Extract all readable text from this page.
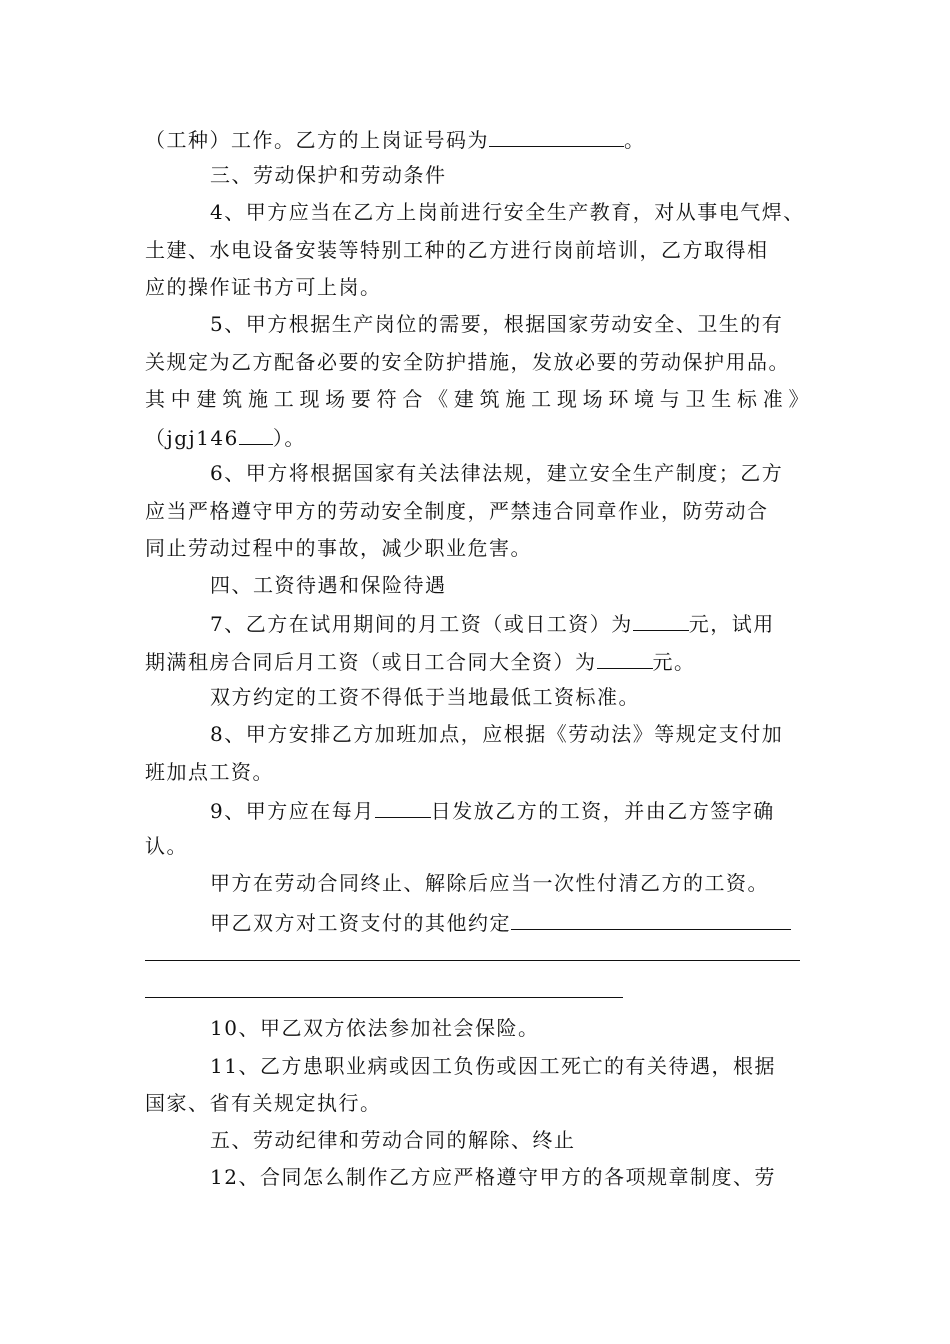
（工种）工作。乙方的上岗证号码为	。
三、劳动保护和劳动条件
4、甲方应当在乙方上岗前进行安全生产教育，对从事电气焊、
土建、水电设备安装等特别工种的乙方进行岗前培训，乙方取得相
应的操作证书方可上岗。
5、甲方根据生产岗位的需要，根据国家劳动安全、卫生的有
关规定为乙方配备必要的安全防护措施，发放必要的劳动保护用品。
其中建筑施工现场要符合《建筑施工现场环境与卫生标准》
（jgj146 ）。
6、甲方将根据国家有关法律法规，建立安全生产制度；乙方
应当严格遵守甲方的劳动安全制度，严禁违合同章作业，防劳动合
同止劳动过程中的事故，减少职业危害。
四、工资待遇和保险待遇
7、乙方在试用期间的月工资（或日工资）为	元，试用
期满租房合同后月工资（或日工合同大全资）为	元。
双方约定的工资不得低于当地最低工资标准。
8、甲方安排乙方加班加点，应根据《劳动法》等规定支付加
班加点工资。
9、甲方应在每月	日发放乙方的工资，并由乙方签字确
认。
甲方在劳动合同终止、解除后应当一次性付清乙方的工资。
甲乙双方对工资支付的其他约定
10、甲乙双方依法参加社会保险。
11、乙方患职业病或因工负伤或因工死亡的有关待遇，根据
国家、省有关规定执行。
五、劳动纪律和劳动合同的解除、终止
12、合同怎么制作乙方应严格遵守甲方的各项规章制度、劳
